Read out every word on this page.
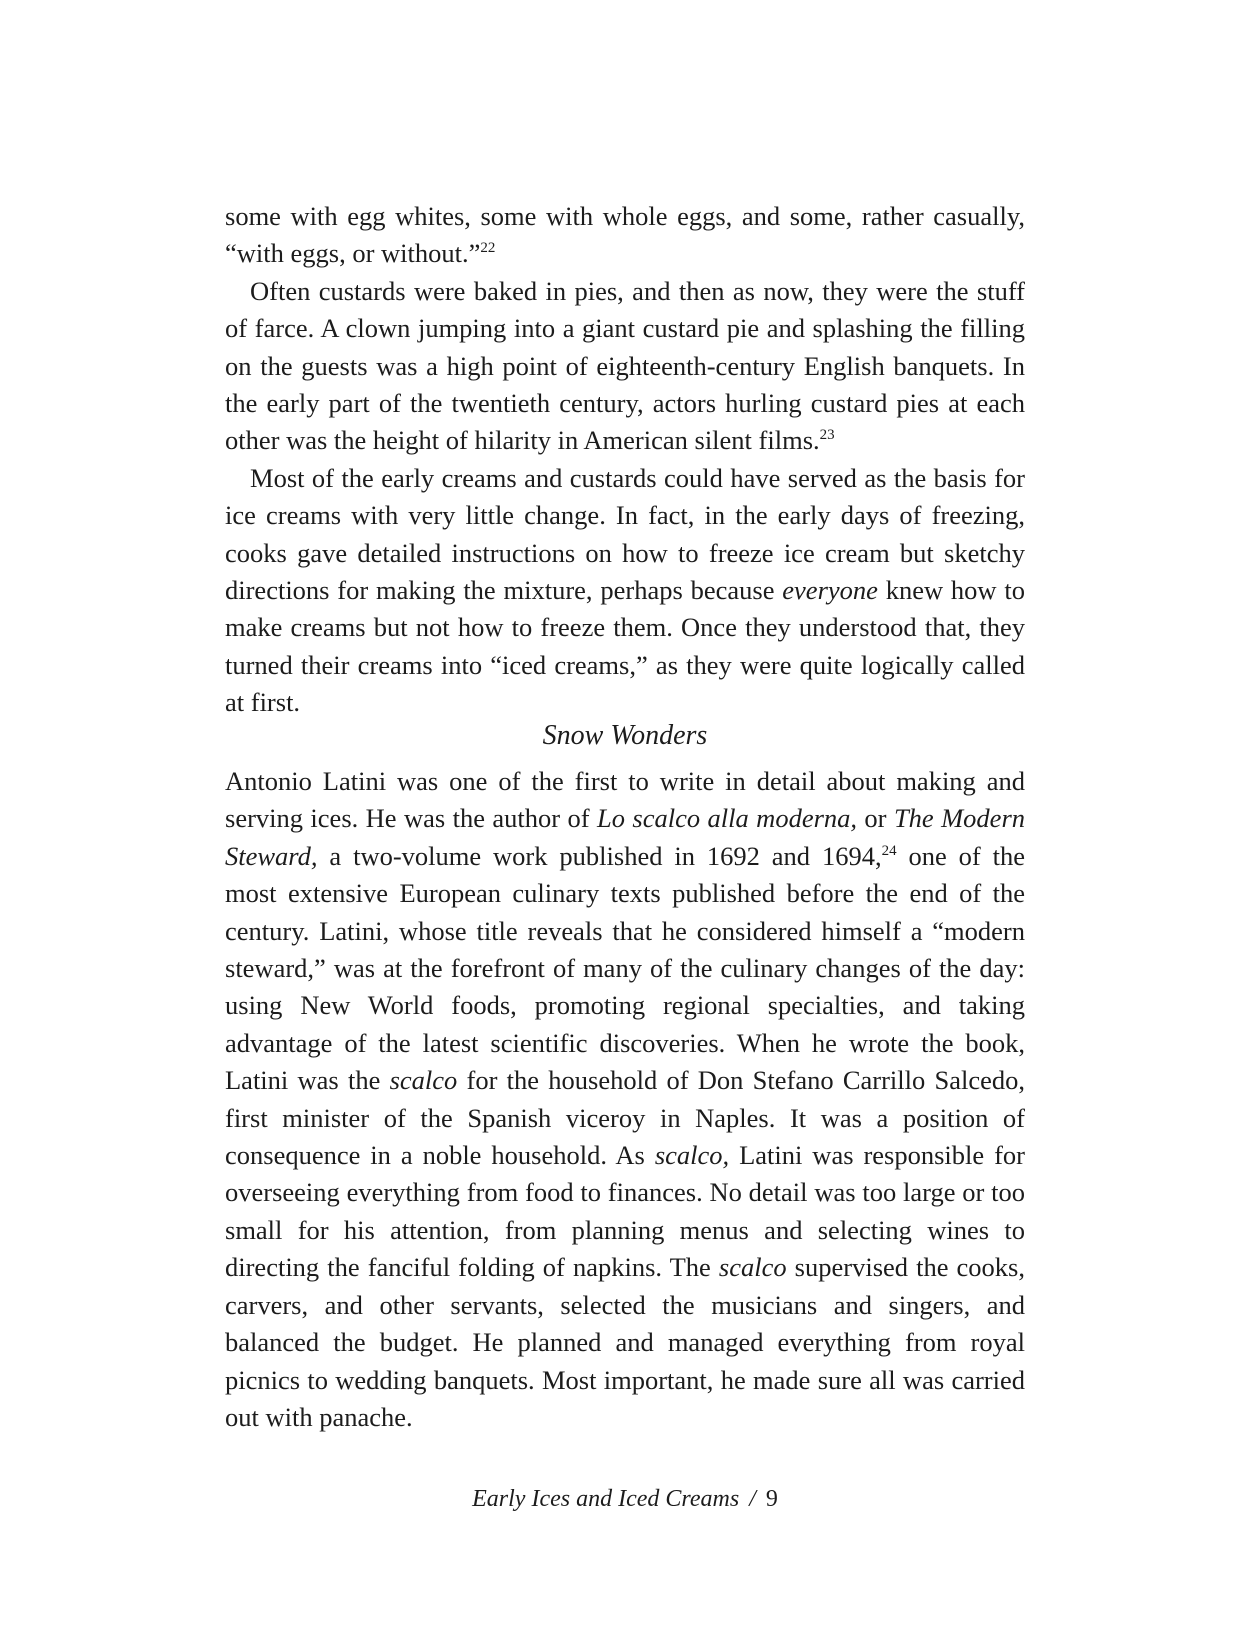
some with egg whites, some with whole eggs, and some, rather casually, “with eggs, or without.”$^{22}$

Often custards were baked in pies, and then as now, they were the stuff of farce. A clown jumping into a giant custard pie and splashing the filling on the guests was a high point of eighteenth-century English banquets. In the early part of the twentieth century, actors hurling custard pies at each other was the height of hilarity in American silent films.$^{23}$

Most of the early creams and custards could have served as the basis for ice creams with very little change. In fact, in the early days of freezing, cooks gave detailed instructions on how to freeze ice cream but sketchy directions for making the mixture, perhaps because everyone knew how to make creams but not how to freeze them. Once they understood that, they turned their creams into “iced creams,” as they were quite logically called at first.

Snow Wonders

Antonio Latini was one of the first to write in detail about making and serving ices. He was the author of Lo scalco alla moderna, or The Modern Steward, a two-volume work published in 1692 and 1694,24 one of the most extensive European culinary texts published before the end of the century. Latini, whose title reveals that he considered himself a “modern steward,” was at the forefront of many of the culinary changes of the day: using New World foods, promoting regional specialties, and taking advantage of the latest scientific discoveries. When he wrote the book, Latini was the scalco for the household of Don Stefano Carrillo Salcedo, first minister of the Spanish viceroy in Naples. It was a position of consequence in a noble household. As scalco, Latini was responsible for overseeing everything from food to finances. No detail was too large or too small for his attention, from planning menus and selecting wines to directing the fanciful folding of napkins. The scalco supervised the cooks, carvers, and other servants, selected the musicians and singers, and balanced the budget. He planned and managed everything from royal picnics to wedding banquets. Most important, he made sure all was carried out with panache.

Early Ices and Iced Creams / 9
